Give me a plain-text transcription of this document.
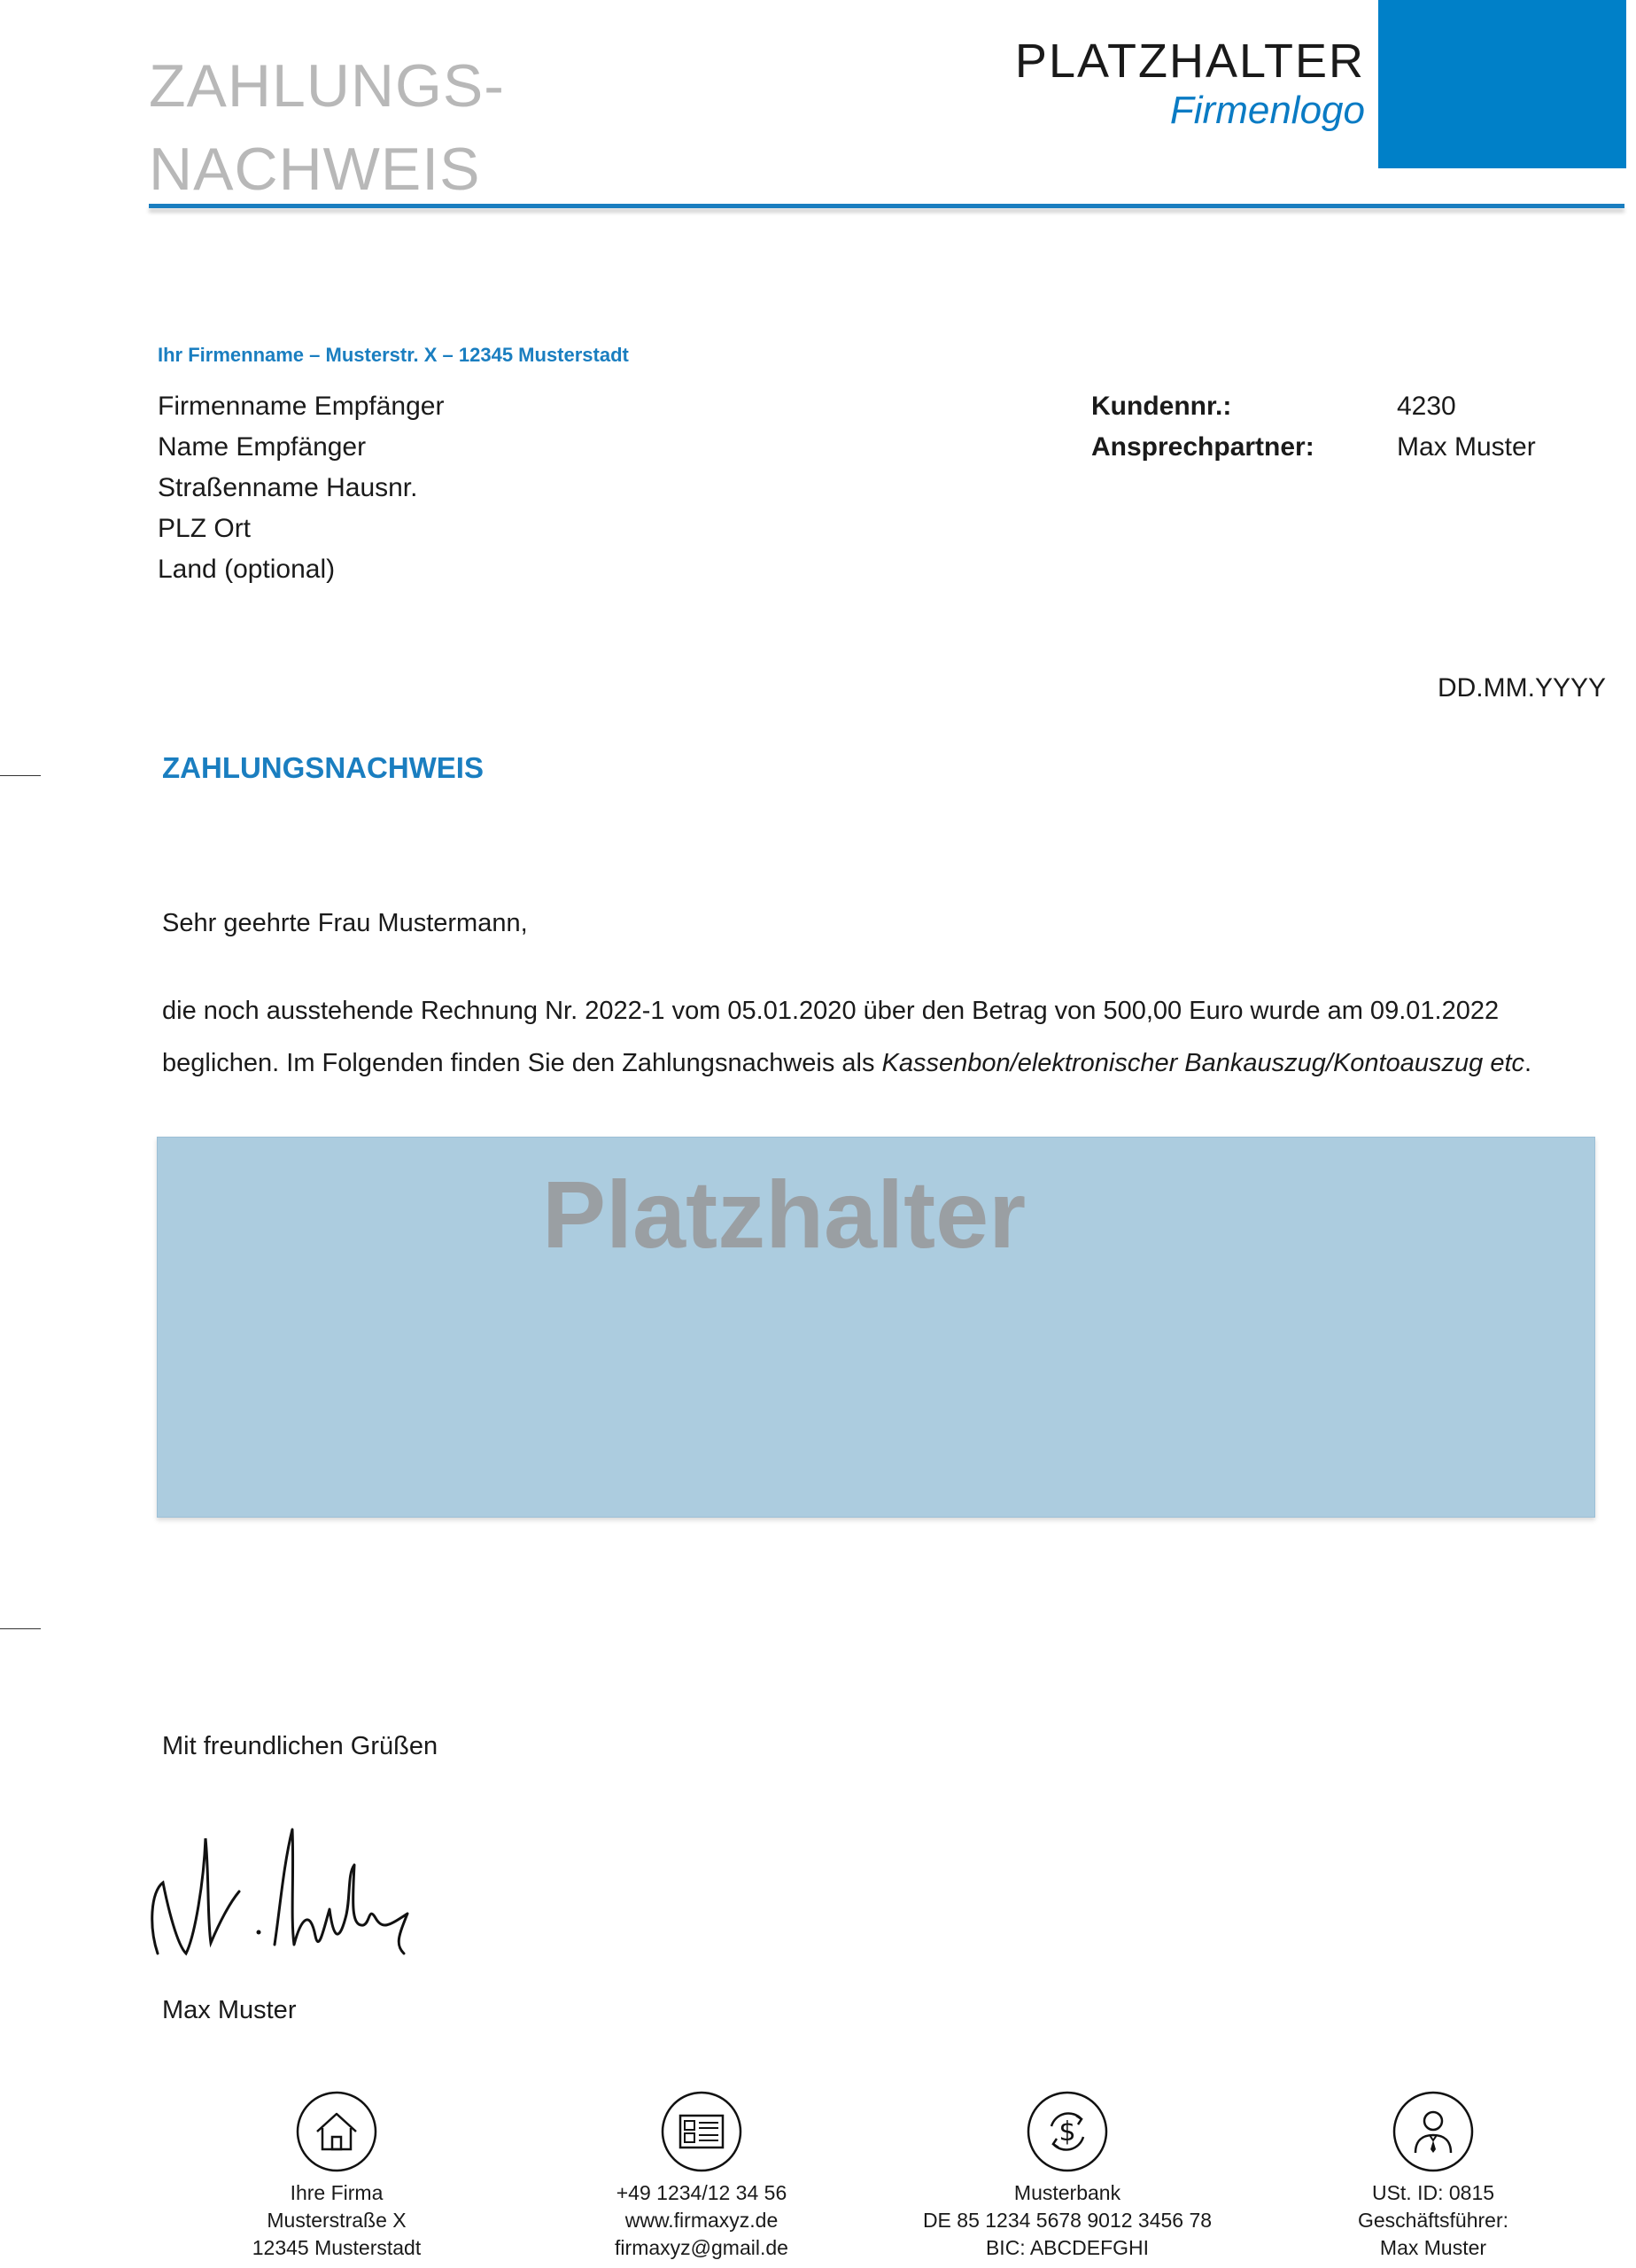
ZAHLUNGS-
NACHWEIS
PLATZHALTER
Firmenlogo
Ihr Firmenname – Musterstr. X – 12345 Musterstadt
Firmenname Empfänger
Name Empfänger
Straßenname Hausnr.
PLZ Ort
Land (optional)
Kundennr.:
Ansprechpartner:
4230
Max Muster
DD.MM.YYYY
ZAHLUNGSNACHWEIS
Sehr geehrte Frau Mustermann,
die noch ausstehende Rechnung Nr. 2022-1 vom 05.01.2020 über den Betrag von 500,00 Euro wurde am 09.01.2022
beglichen. Im Folgenden finden Sie den Zahlungsnachweis als Kassenbon/elektronischer Bankauszug/Kontoauszug etc.
Platzhalter
Mit freundlichen Grüßen
Max Muster
Ihre Firma
Musterstraße X
12345 Musterstadt
+49 1234/12 34 56
www.firmaxyz.de
firmaxyz@gmail.de
$
Musterbank
DE 85 1234 5678 9012 3456 78
BIC: ABCDEFGHI
USt. ID: 0815
Geschäftsführer:
Max Muster
